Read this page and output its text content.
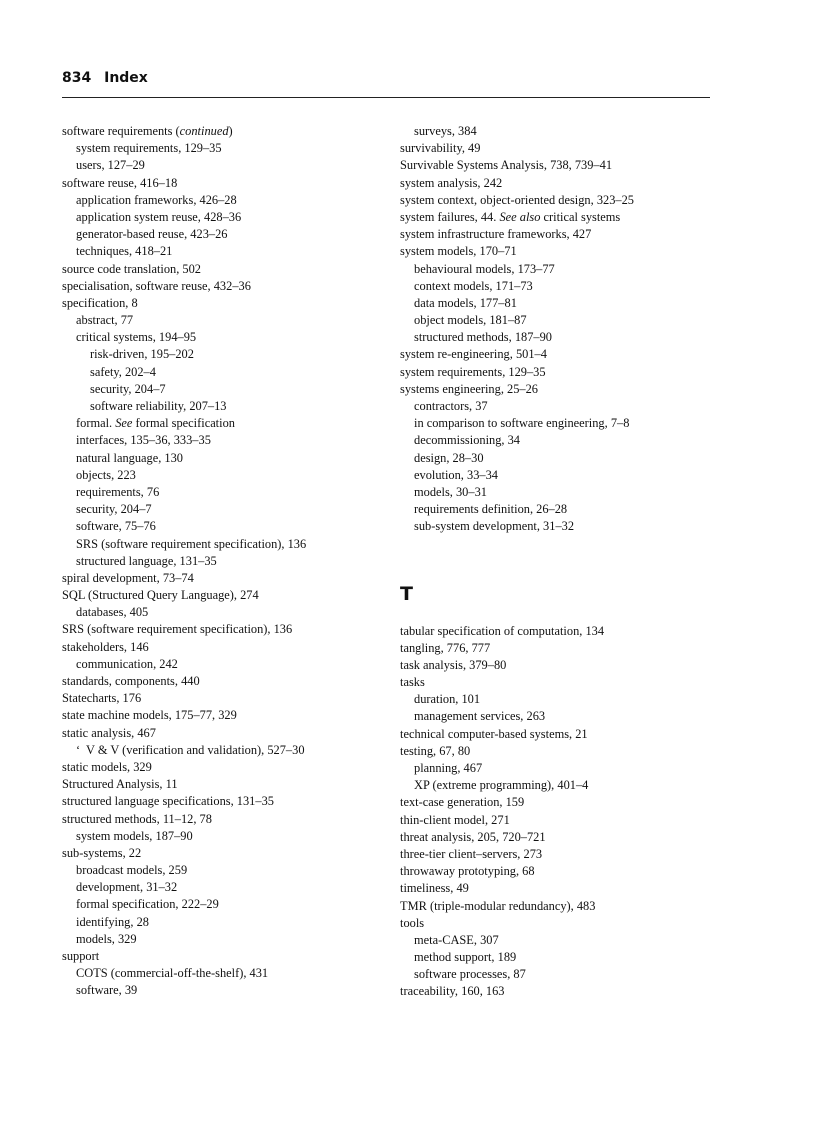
834 Index
software requirements (continued)
system requirements, 129–35
users, 127–29
software reuse, 416–18
application frameworks, 426–28
application system reuse, 428–36
generator-based reuse, 423–26
techniques, 418–21
source code translation, 502
specialisation, software reuse, 432–36
specification, 8
abstract, 77
critical systems, 194–95
risk-driven, 195–202
safety, 202–4
security, 204–7
software reliability, 207–13
formal. See formal specification
interfaces, 135–36, 333–35
natural language, 130
objects, 223
requirements, 76
security, 204–7
software, 75–76
SRS (software requirement specification), 136
structured language, 131–35
spiral development, 73–74
SQL (Structured Query Language), 274
databases, 405
SRS (software requirement specification), 136
stakeholders, 146
communication, 242
standards, components, 440
Statecharts, 176
state machine models, 175–77, 329
static analysis, 467
‘ V & V (verification and validation), 527–30
static models, 329
Structured Analysis, 11
structured language specifications, 131–35
structured methods, 11–12, 78
system models, 187–90
sub-systems, 22
broadcast models, 259
development, 31–32
formal specification, 222–29
identifying, 28
models, 329
support
COTS (commercial-off-the-shelf), 431
software, 39
surveys, 384
survivability, 49
Survivable Systems Analysis, 738, 739–41
system analysis, 242
system context, object-oriented design, 323–25
system failures, 44. See also critical systems
system infrastructure frameworks, 427
system models, 170–71
behavioural models, 173–77
context models, 171–73
data models, 177–81
object models, 181–87
structured methods, 187–90
system re-engineering, 501–4
system requirements, 129–35
systems engineering, 25–26
contractors, 37
in comparison to software engineering, 7–8
decommissioning, 34
design, 28–30
evolution, 33–34
models, 30–31
requirements definition, 26–28
sub-system development, 31–32
T
tabular specification of computation, 134
tangling, 776, 777
task analysis, 379–80
tasks
duration, 101
management services, 263
technical computer-based systems, 21
testing, 67, 80
planning, 467
XP (extreme programming), 401–4
text-case generation, 159
thin-client model, 271
threat analysis, 205, 720–721
three-tier client–servers, 273
throwaway prototyping, 68
timeliness, 49
TMR (triple-modular redundancy), 483
tools
meta-CASE, 307
method support, 189
software processes, 87
traceability, 160, 163
